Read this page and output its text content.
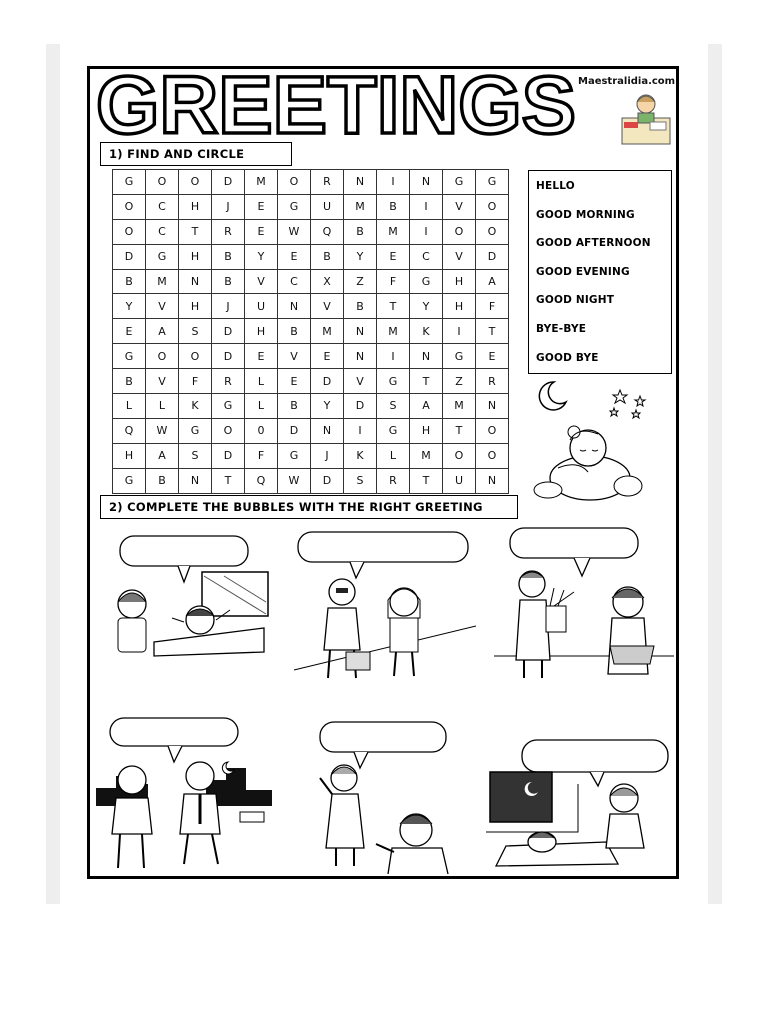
GREETINGS Maestralidia.com
1) FIND AND CIRCLE
G	O	O	D	M	O	R	N	I	N	G	G
O	C	H	J	E	G	U	M	B	I	V	O
O	C	T	R	E	W	Q	B	M	I	O	O
D	G	H	B	Y	E	B	Y	E	C	V	D
B	M	N	B	V	C	X	Z	F	G	H	A
Y	V	H	J	U	N	V	B	T	Y	H	F
E	A	S	D	H	B	M	N	M	K	I	T
G	O	O	D	E	V	E	N	I	N	G	E
B	V	F	R	L	E	D	V	G	T	Z	R
L	L	K	G	L	B	Y	D	S	A	M	N
Q	W	G	O	0	D	N	I	G	H	T	O
H	A	S	D	F	G	J	K	L	M	O	O
G	B	N	T	Q	W	D	S	R	T	U	N
HELLO
GOOD MORNING
GOOD AFTERNOON
GOOD EVENING
GOOD NIGHT
BYE-BYE
GOOD BYE
2) COMPLETE THE BUBBLES WITH THE RIGHT GREETING
